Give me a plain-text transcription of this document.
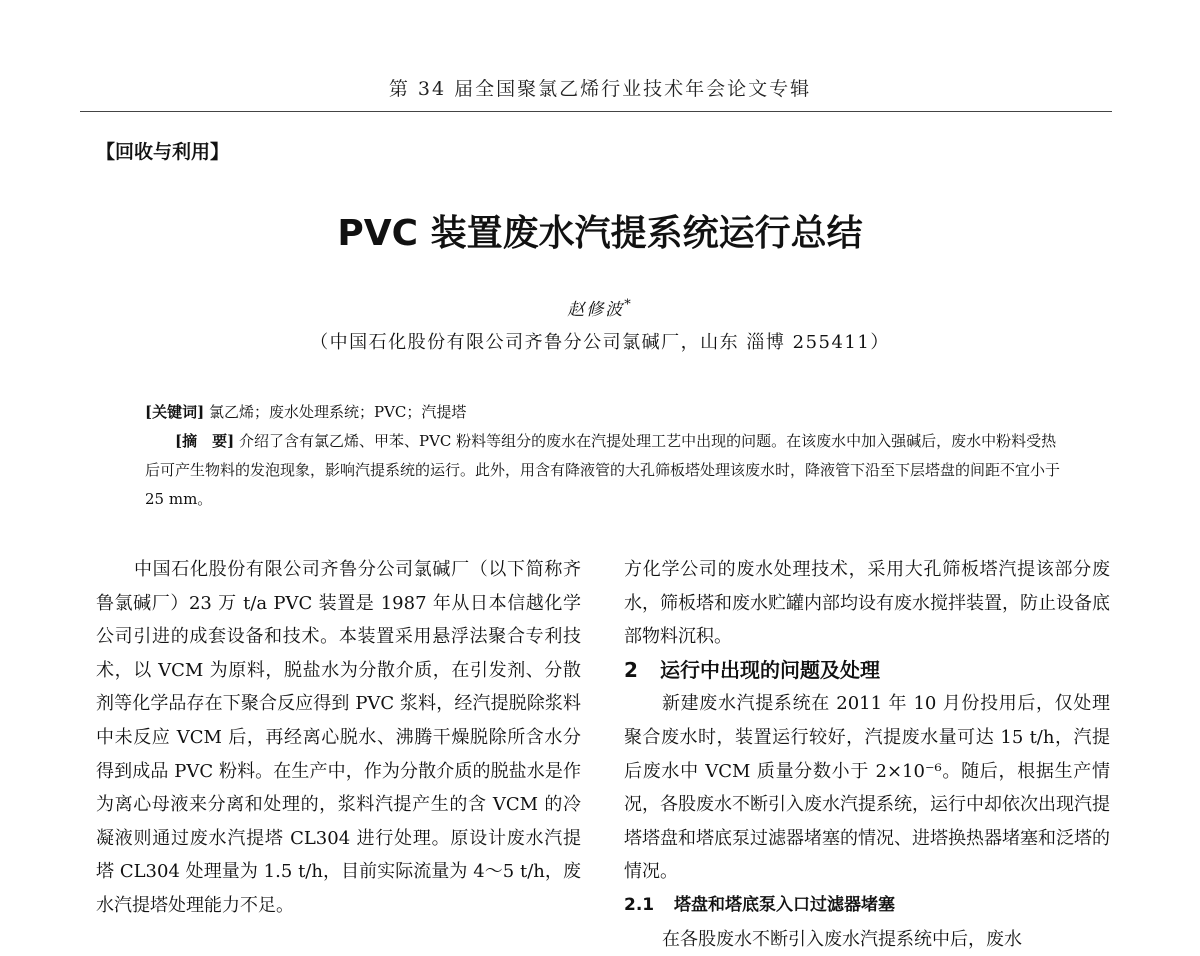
第 34 届全国聚氯乙烯行业技术年会论文专辑
【回收与利用】
PVC 装置废水汽提系统运行总结
赵修波*
（中国石化股份有限公司齐鲁分公司氯碱厂，山东 淄博 255411）

[关键词] 氯乙烯；废水处理系统；PVC；汽提塔

[摘　要] 介绍了含有氯乙烯、甲苯、PVC 粉料等组分的废水在汽提处理工艺中出现的问题。在该废水中加入强碱后，废水中粉料受热后可产生物料的发泡现象，影响汽提系统的运行。此外，用含有降液管的大孔筛板塔处理该废水时，降液管下沿至下层塔盘的间距不宜小于 25 mm。

中国石化股份有限公司齐鲁分公司氯碱厂（以下简称齐鲁氯碱厂）23 万 t/a PVC 装置是 1987 年从日本信越化学公司引进的成套设备和技术。本装置采用悬浮法聚合专利技术，以 VCM 为原料，脱盐水为分散介质，在引发剂、分散剂等化学品存在下聚合反应得到 PVC 浆料，经汽提脱除浆料中未反应 VCM 后，再经离心脱水、沸腾干燥脱除所含水分得到成品 PVC 粉料。在生产中，作为分散介质的脱盐水是作为离心母液来分离和处理的，浆料汽提产生的含 VCM 的冷凝液则通过废水汽提塔 CL304 进行处理。原设计废水汽提塔 CL304 处理量为 1.5 t/h，目前实际流量为 4～5 t/h，废水汽提塔处理能力不足。

方化学公司的废水处理技术，采用大孔筛板塔汽提该部分废水，筛板塔和废水贮罐内部均设有废水搅拌装置，防止设备底部物料沉积。

2 运行中出现的问题及处理

新建废水汽提系统在 2011 年 10 月份投用后，仅处理聚合废水时，装置运行较好，汽提废水量可达 15 t/h，汽提后废水中 VCM 质量分数小于 2×10⁻⁶。随后，根据生产情况，各股废水不断引入废水汽提系统，运行中却依次出现汽提塔塔盘和塔底泵过滤器堵塞的情况、进塔换热器堵塞和泛塔的情况。

2.1 塔盘和塔底泵入口过滤器堵塞

在各股废水不断引入废水汽提系统中后，废水
